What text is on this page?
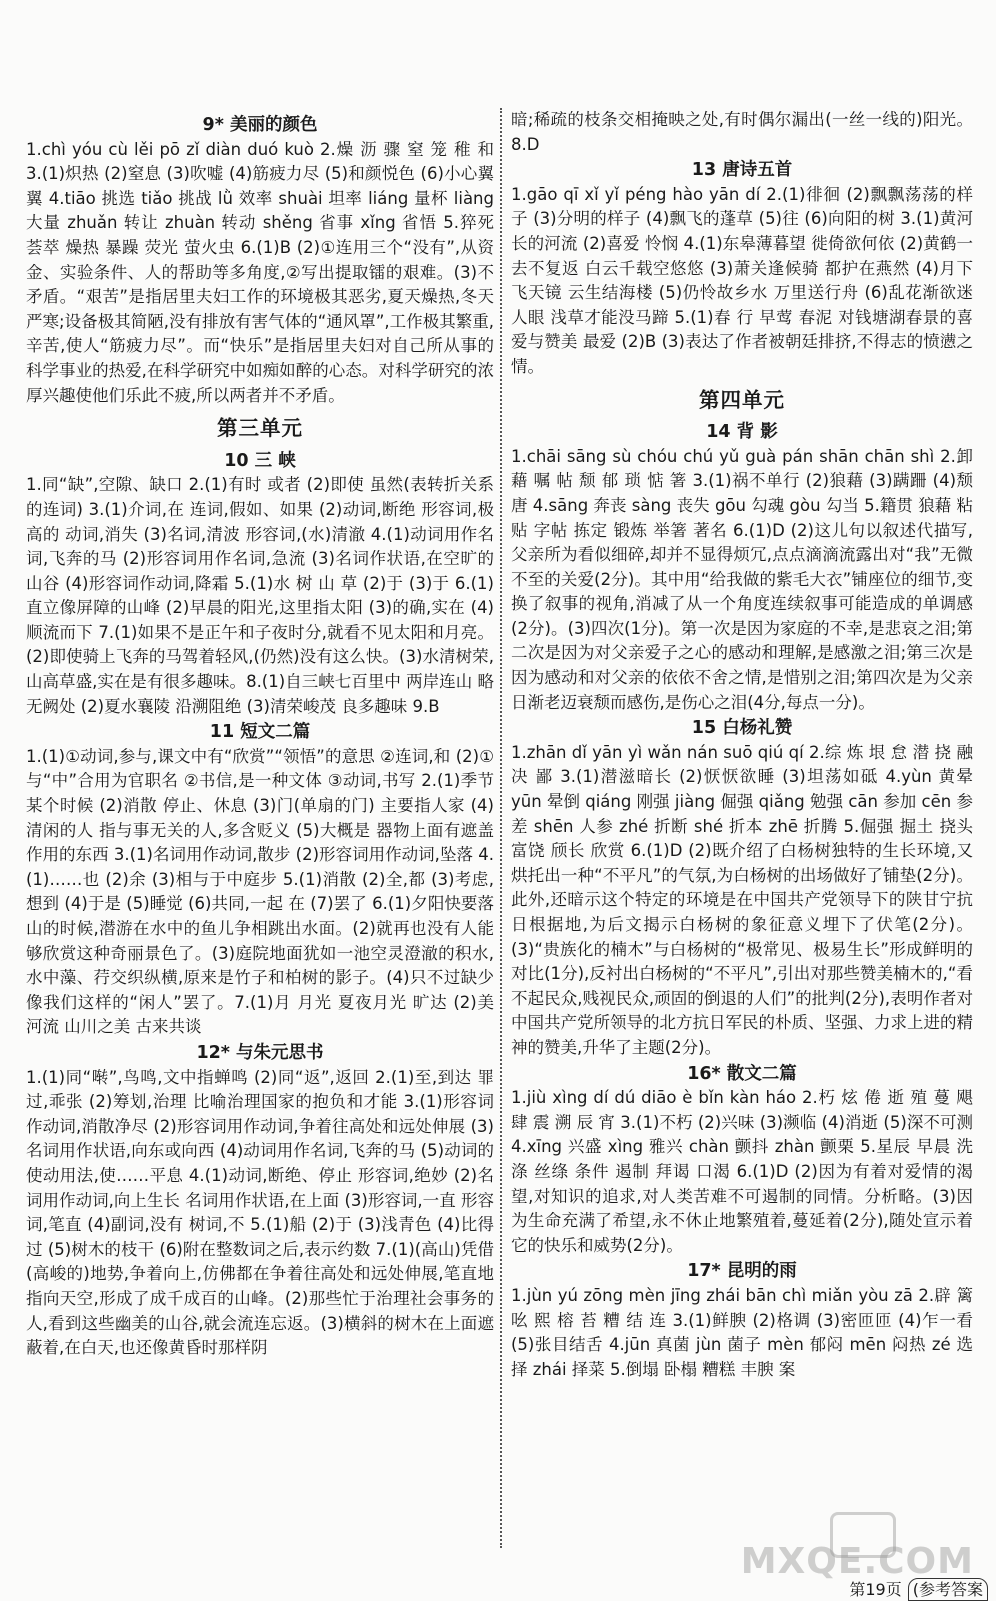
9* 美丽的颜色
1.chì yóu cù lěi pō zǐ diàn duó kuò 2.燥 沥 骤 窒 笼 稚 和 3.(1)炽热 (2)窒息 (3)吹嘘 (4)筋疲力尽 (5)和颜悦色 (6)小心翼翼 4.tiāo 挑选 tiǎo 挑战 lǜ 效率 shuài 坦率 liáng 量杯 liàng 大量 zhuǎn 转让 zhuàn 转动 shěng 省事 xǐng 省悟 5.猝死 荟萃 燥热 暴躁 荧光 萤火虫 6.(1)B (2)①连用三个“没有”,从资金、实验条件、人的帮助等多角度,②写出提取镭的艰难。(3)不矛盾。“艰苦”是指居里夫妇工作的环境极其恶劣,夏天燥热,冬天严寒;设备极其简陋,没有排放有害气体的“通风罩”,工作极其繁重,辛苦,使人“筋疲力尽”。而“快乐”是指居里夫妇对自己所从事的科学事业的热爱,在科学研究中如痴如醉的心态。对科学研究的浓厚兴趣使他们乐此不疲,所以两者并不矛盾。
第三单元
10 三 峡
1.同“缺”,空隙、缺口 2.(1)有时 或者 (2)即使 虽然(表转折关系的连词) 3.(1)介词,在 连词,假如、如果 (2)动词,断绝 形容词,极高的 动词,消失 (3)名词,清波 形容词,(水)清澈 4.(1)动词用作名词,飞奔的马 (2)形容词用作名词,急流 (3)名词作状语,在空旷的山谷 (4)形容词作动词,降霜 5.(1)水 树 山 草 (2)于 (3)于 6.(1)直立像屏障的山峰 (2)早晨的阳光,这里指太阳 (3)的确,实在 (4)顺流而下 7.(1)如果不是正午和子夜时分,就看不见太阳和月亮。(2)即使骑上飞奔的马驾着轻风,(仍然)没有这么快。(3)水清树荣,山高草盛,实在是有很多趣味。8.(1)自三峡七百里中 两岸连山 略无阙处 (2)夏水襄陵 沿溯阻绝 (3)清荣峻茂 良多趣味 9.B
11 短文二篇
1.(1)①动词,参与,课文中有“欣赏”“领悟”的意思 ②连词,和 (2)①与“中”合用为官职名 ②书信,是一种文体 ③动词,书写 2.(1)季节 某个时候 (2)消散 停止、休息 (3)门(单扇的门) 主要指人家 (4)清闲的人 指与事无关的人,多含贬义 (5)大概是 器物上面有遮盖作用的东西 3.(1)名词用作动词,散步 (2)形容词用作动词,坠落 4.(1)……也 (2)余 (3)相与于中庭步 5.(1)消散 (2)全,都 (3)考虑,想到 (4)于是 (5)睡觉 (6)共同,一起 在 (7)罢了 6.(1)夕阳快要落山的时候,潜游在水中的鱼儿争相跳出水面。(2)就再也没有人能够欣赏这种奇丽景色了。(3)庭院地面犹如一池空灵澄澈的积水,水中藻、荇交织纵横,原来是竹子和柏树的影子。(4)只不过缺少像我们这样的“闲人”罢了。7.(1)月 月光 夏夜月光 旷达 (2)美 河流 山川之美 古来共谈
12* 与朱元思书
1.(1)同“啭”,鸟鸣,文中指蝉鸣 (2)同“返”,返回 2.(1)至,到达 罪过,乖张 (2)筹划,治理 比喻治理国家的抱负和才能 3.(1)形容词作动词,消散净尽 (2)形容词用作动词,争着往高处和远处伸展 (3)名词用作状语,向东或向西 (4)动词用作名词,飞奔的马 (5)动词的使动用法,使……平息 4.(1)动词,断绝、停止 形容词,绝妙 (2)名词用作动词,向上生长 名词用作状语,在上面 (3)形容词,一直 形容词,笔直 (4)副词,没有 树词,不 5.(1)船 (2)于 (3)浅青色 (4)比得过 (5)树木的枝干 (6)附在整数词之后,表示约数 7.(1)(高山)凭借(高峻的)地势,争着向上,仿佛都在争着往高处和远处伸展,笔直地指向天空,形成了成千成百的山峰。(2)那些忙于治理社会事务的人,看到这些幽美的山谷,就会流连忘返。(3)横斜的树木在上面遮蔽着,在白天,也还像黄昏时那样阴
暗;稀疏的枝条交相掩映之处,有时偶尔漏出(一丝一线的)阳光。 8.D
13 唐诗五首
1.gāo qī xǐ yǐ péng hào yān dí 2.(1)徘徊 (2)飘飘荡荡的样子 (3)分明的样子 (4)飘飞的蓬草 (5)往 (6)向阳的树 3.(1)黄河 长的河流 (2)喜爱 怜悯 4.(1)东皋薄暮望 徙倚欲何依 (2)黄鹤一去不复返 白云千载空悠悠 (3)萧关逢候骑 都护在燕然 (4)月下飞天镜 云生结海楼 (5)仍怜故乡水 万里送行舟 (6)乱花渐欲迷人眼 浅草才能没马蹄 5.(1)春 行 早莺 春泥 对钱塘湖春景的喜爱与赞美 最爱 (2)B (3)表达了作者被朝廷排挤,不得志的愤懑之情。
第四单元
14 背 影
1.chāi sāng sù chóu chú yǔ guà pán shān chān shì 2.卸 藉 嘱 帖 颓 郁 琐 惦 箸 3.(1)祸不单行 (2)狼藉 (3)蹒跚 (4)颓唐 4.sāng 奔丧 sàng 丧失 gōu 勾魂 gòu 勾当 5.籍贯 狼藉 粘贴 字帖 拣定 锻炼 举箸 著名 6.(1)D (2)这儿句以叙述代描写,父亲所为看似细碎,却并不显得烦冗,点点滴滴流露出对“我”无微不至的关爱(2分)。其中用“给我做的紫毛大衣”铺座位的细节,变换了叙事的视角,消减了从一个角度连续叙事可能造成的单调感(2分)。(3)四次(1分)。第一次是因为家庭的不幸,是悲哀之泪;第二次是因为对父亲爱子之心的感动和理解,是感激之泪;第三次是因为感动和对父亲的依依不舍之情,是惜别之泪;第四次是为父亲日渐老迈衰颓而感伤,是伤心之泪(4分,每点一分)。
15 白杨礼赞
1.zhān dǐ yān yì wǎn nán suō qiú qí 2.综 炼 垠 怠 潜 挠 融 决 鄙 3.(1)潜滋暗长 (2)恹恹欲睡 (3)坦荡如砥 4.yùn 黄晕 yūn 晕倒 qiáng 刚强 jiàng 倔强 qiǎng 勉强 cān 参加 cēn 参差 shēn 人参 zhé 折断 shé 折本 zhē 折腾 5.倔强 掘土 挠头 富饶 颀长 欣赏 6.(1)D (2)既介绍了白杨树独特的生长环境,又烘托出一种“不平凡”的气氛,为白杨树的出场做好了铺垫(2分)。此外,还暗示这个特定的环境是在中国共产党领导下的陕甘宁抗日根据地,为后文揭示白杨树的象征意义埋下了伏笔(2分)。(3)“贵族化的楠木”与白杨树的“极常见、极易生长”形成鲜明的对比(1分),反衬出白杨树的“不平凡”,引出对那些赞美楠木的,“看不起民众,贱视民众,顽固的倒退的人们”的批判(2分),表明作者对中国共产党所领导的北方抗日军民的朴质、坚强、力求上进的精神的赞美,升华了主题(2分)。
16* 散文二篇
1.jiù xìng dí dú diāo è bǐn kàn háo 2.朽 炫 倦 逝 殖 蔓 飓 肆 震 溯 辰 宵 3.(1)不朽 (2)兴味 (3)濒临 (4)消逝 (5)深不可测 4.xīng 兴盛 xìng 雅兴 chàn 颤抖 zhàn 颤栗 5.星辰 早晨 洗涤 丝绦 条件 遏制 拜谒 口渴 6.(1)D (2)因为有着对爱情的渴望,对知识的追求,对人类苦难不可遏制的同情。分析略。(3)因为生命充满了希望,永不休止地繁殖着,蔓延着(2分),随处宣示着它的快乐和威势(2分)。
17* 昆明的雨
1.jùn yú zōng mèn jīng zhái bān chì miǎn yòu zā 2.辟 篱 吆 熙 榕 苔 糟 结 连 3.(1)鲜腴 (2)格调 (3)密匝匝 (4)乍一看 (5)张目结舌 4.jūn 真菌 jùn 菌子 mèn 郁闷 mēn 闷热 zé 选择 zhái 择菜 5.倒塌 卧榻 糟糕 丰腴 案
MXQE.COM
第19页 (参考答案
